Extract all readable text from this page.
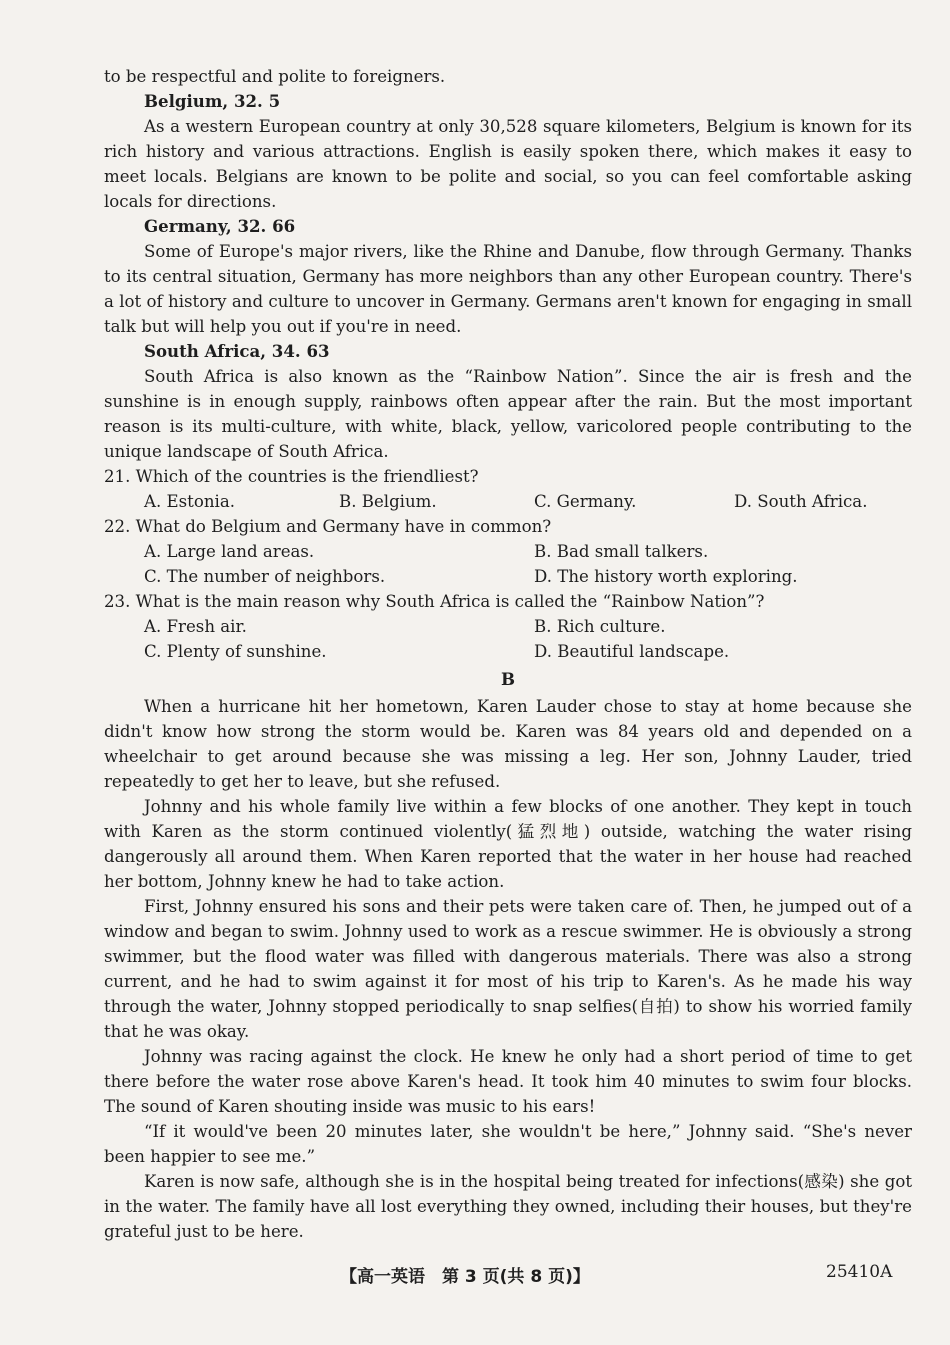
to be respectful and polite to foreigners.
Belgium, 32. 5
As a western European country at only 30,528 square kilometers, Belgium is known for its rich history and various attractions. English is easily spoken there, which makes it easy to meet locals. Belgians are known to be polite and social, so you can feel comfortable asking locals for directions.
Germany, 32. 66
Some of Europe's major rivers, like the Rhine and Danube, flow through Germany. Thanks to its central situation, Germany has more neighbors than any other European country. There's a lot of history and culture to uncover in Germany. Germans aren't known for engaging in small talk but will help you out if you're in need.
South Africa, 34. 63
South Africa is also known as the “Rainbow Nation”. Since the air is fresh and the sunshine is in enough supply, rainbows often appear after the rain. But the most important reason is its multi-culture, with white, black, yellow, varicolored people contributing to the unique landscape of South Africa.
21. Which of the countries is the friendliest?
A. Estonia.	B. Belgium.	C. Germany.	D. South Africa.
22. What do Belgium and Germany have in common?
A. Large land areas.	B. Bad small talkers.
C. The number of neighbors.	D. The history worth exploring.
23. What is the main reason why South Africa is called the “Rainbow Nation”?
A. Fresh air.	B. Rich culture.
C. Plenty of sunshine.	D. Beautiful landscape.
B
When a hurricane hit her hometown, Karen Lauder chose to stay at home because she didn't know how strong the storm would be. Karen was 84 years old and depended on a wheelchair to get around because she was missing a leg. Her son, Johnny Lauder, tried repeatedly to get her to leave, but she refused.
Johnny and his whole family live within a few blocks of one another. They kept in touch with Karen as the storm continued violently(猛烈地) outside, watching the water rising dangerously all around them. When Karen reported that the water in her house had reached her bottom, Johnny knew he had to take action.
First, Johnny ensured his sons and their pets were taken care of. Then, he jumped out of a window and began to swim. Johnny used to work as a rescue swimmer. He is obviously a strong swimmer, but the flood water was filled with dangerous materials. There was also a strong current, and he had to swim against it for most of his trip to Karen's. As he made his way through the water, Johnny stopped periodically to snap selfies(自拍) to show his worried family that he was okay.
Johnny was racing against the clock. He knew he only had a short period of time to get there before the water rose above Karen's head. It took him 40 minutes to swim four blocks. The sound of Karen shouting inside was music to his ears!
“If it would've been 20 minutes later, she wouldn't be here,” Johnny said. “She's never been happier to see me.”
Karen is now safe, although she is in the hospital being treated for infections(感染) she got in the water. The family have all lost everything they owned, including their houses, but they're grateful just to be here.
【高一英语　第 3 页(共 8 页)】	25410A
